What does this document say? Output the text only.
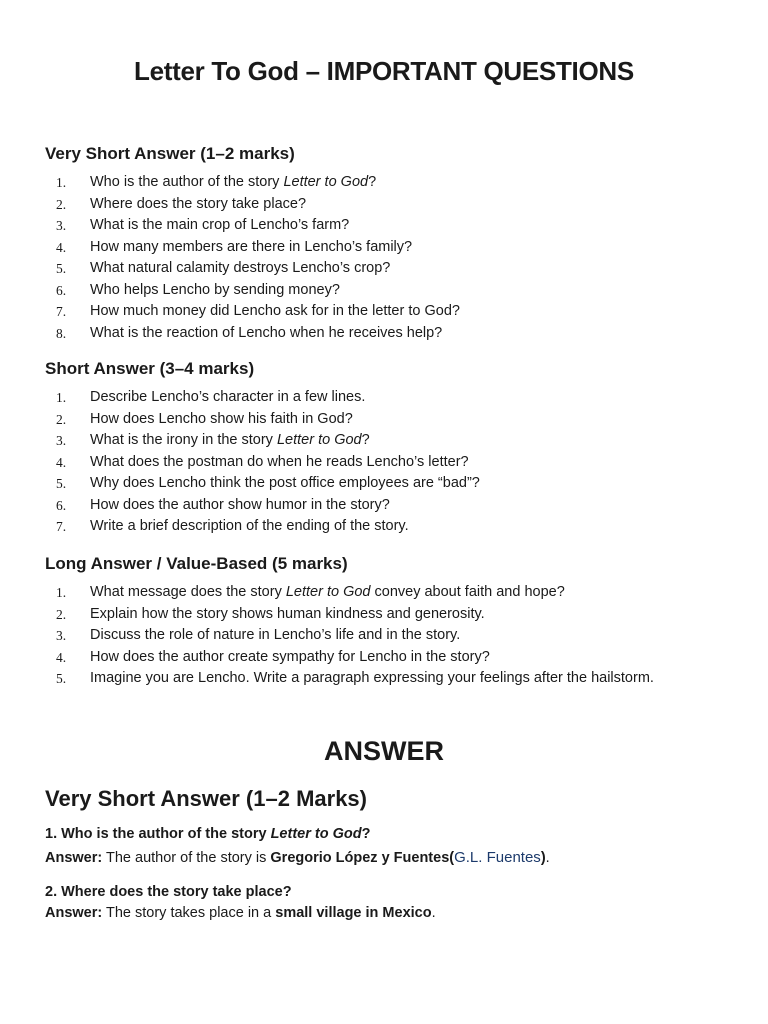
Letter To God – IMPORTANT QUESTIONS
Very Short Answer (1–2 marks)
1.	Who is the author of the story Letter to God?
2.	Where does the story take place?
3.	What is the main crop of Lencho’s farm?
4.	How many members are there in Lencho’s family?
5.	What natural calamity destroys Lencho’s crop?
6.	Who helps Lencho by sending money?
7.	How much money did Lencho ask for in the letter to God?
8.	What is the reaction of Lencho when he receives help?
Short Answer (3–4 marks)
1.	Describe Lencho’s character in a few lines.
2.	How does Lencho show his faith in God?
3.	What is the irony in the story Letter to God?
4.	What does the postman do when he reads Lencho’s letter?
5.	Why does Lencho think the post office employees are “bad”?
6.	How does the author show humor in the story?
7.	Write a brief description of the ending of the story.
Long Answer / Value-Based (5 marks)
1.	What message does the story Letter to God convey about faith and hope?
2.	Explain how the story shows human kindness and generosity.
3.	Discuss the role of nature in Lencho’s life and in the story.
4.	How does the author create sympathy for Lencho in the story?
5.	Imagine you are Lencho. Write a paragraph expressing your feelings after the hailstorm.
ANSWER
Very Short Answer (1–2 Marks)
1. Who is the author of the story Letter to God?
Answer: The author of the story is Gregorio López y Fuentes(G.L. Fuentes).
2. Where does the story take place?
Answer: The story takes place in a small village in Mexico.
